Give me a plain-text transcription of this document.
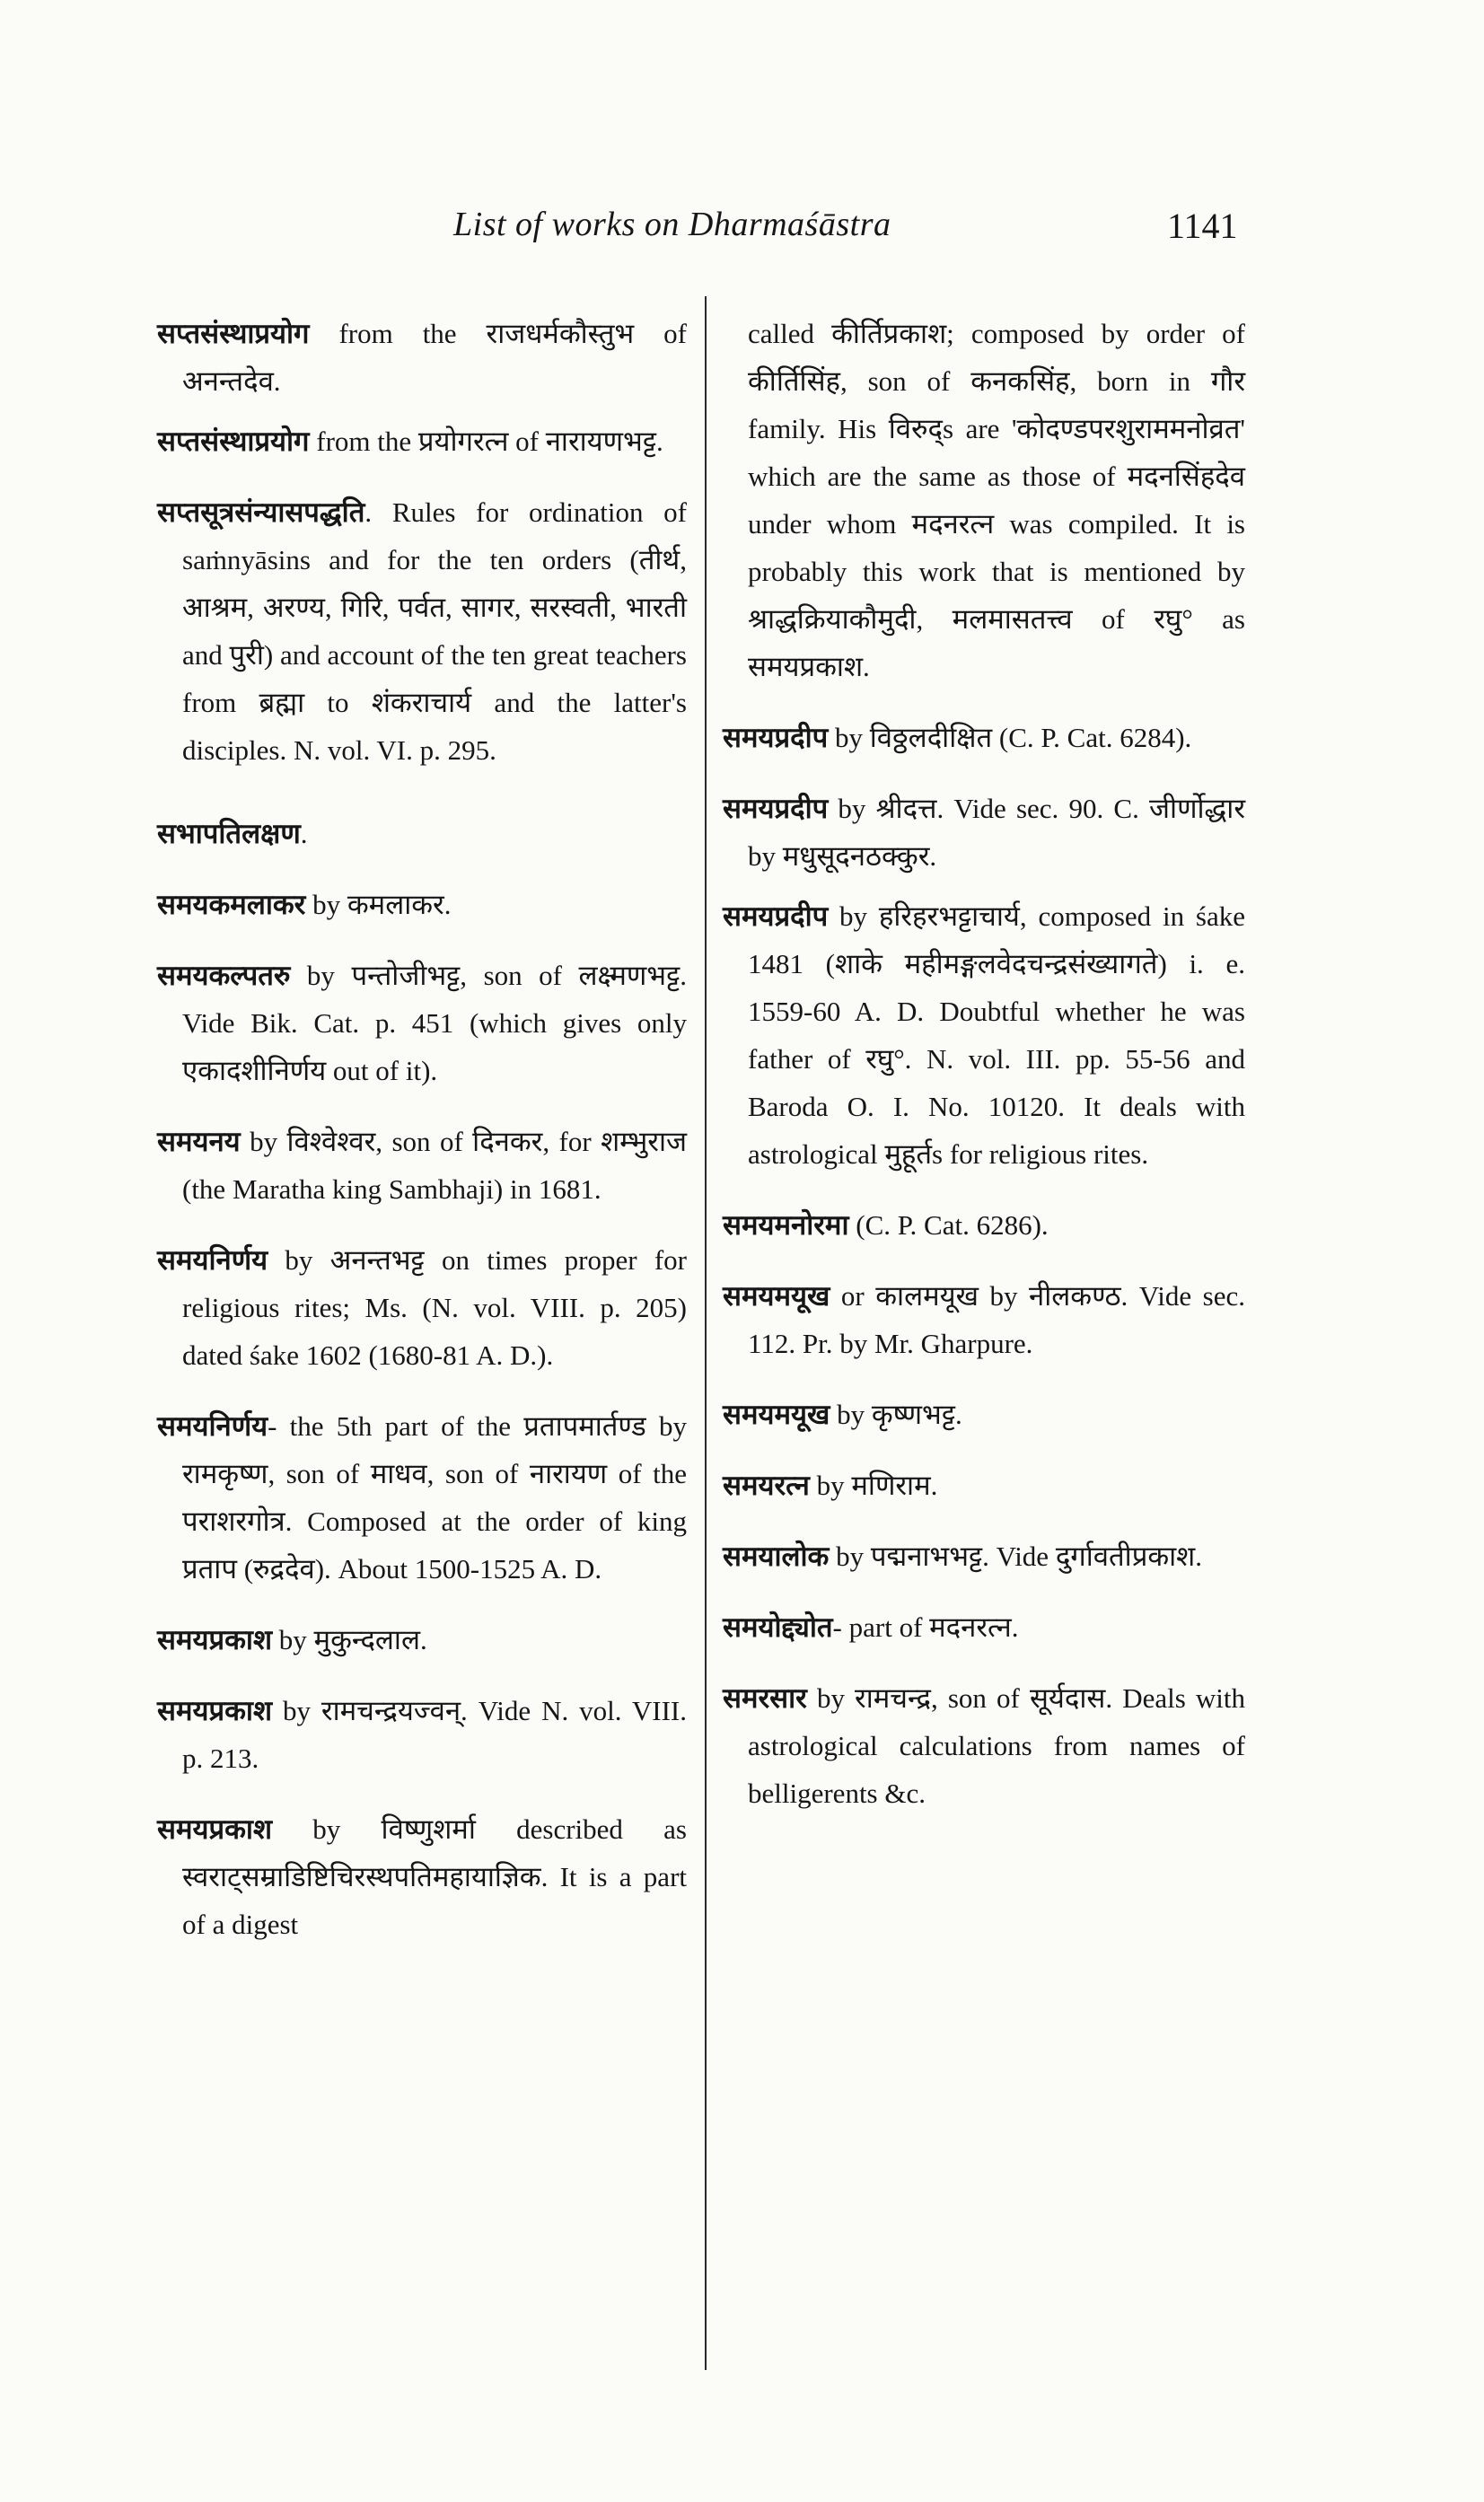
List of works on Dharmaśāstra	1141

सप्तसंस्थाप्रयोग from the राजधर्मकौस्तुभ of अनन्तदेव.

सप्तसंस्थाप्रयोग from the प्रयोगरत्न of नारायणभट्ट.

सप्तसूत्रसंन्यासपद्धति. Rules for ordination of saṁnyāsins and for the ten orders (तीर्थ, आश्रम, अरण्य, गिरि, पर्वत, सागर, सरस्वती, भारती and पुरी) and account of the ten great teachers from ब्रह्मा to शंकराचार्य and the latter's disciples. N. vol. VI. p. 295.

सभापतिलक्षण.

समयकमलाकर by कमलाकर.

समयकल्पतरु by पन्तोजीभट्ट, son of लक्ष्मणभट्ट. Vide Bik. Cat. p. 451 (which gives only एकादशीनिर्णय out of it).

समयनय by विश्वेश्वर, son of दिनकर, for शम्भुराज (the Maratha king Sambhaji) in 1681.

समयनिर्णय by अनन्तभट्ट on times proper for religious rites; Ms. (N. vol. VIII. p. 205) dated śake 1602 (1680-81 A. D.).

समयनिर्णय- the 5th part of the प्रतापमार्तण्ड by रामकृष्ण, son of माधव, son of नारायण of the पराशरगोत्र. Composed at the order of king प्रताप (रुद्रदेव). About 1500-1525 A. D.

समयप्रकाश by मुकुन्दलाल.

समयप्रकाश by रामचन्द्रयज्वन्. Vide N. vol. VIII. p. 213.

समयप्रकाश by विष्णुशर्मा described as स्वराट्सम्राडिष्टिचिरस्थपतिमहायाज्ञिक. It is a part of a digest

called कीर्तिप्रकाश; composed by order of कीर्तिसिंह, son of कनकसिंह, born in गौर family. His विरुद्s are 'कोदण्डपरशुराममनोव्रत' which are the same as those of मदनसिंहदेव under whom मदनरत्न was compiled. It is probably this work that is mentioned by श्राद्धक्रियाकौमुदी, मलमासतत्त्व of रघु° as समयप्रकाश.

समयप्रदीप by विठ्ठलदीक्षित (C. P. Cat. 6284).

समयप्रदीप by श्रीदत्त. Vide sec. 90. C. जीर्णोद्धार by मधुसूदनठक्कुर.

समयप्रदीप by हरिहरभट्टाचार्य, composed in śake 1481 (शाके महीमङ्गलवेदचन्द्रसंख्यागते) i. e. 1559-60 A. D. Doubtful whether he was father of रघु°. N. vol. III. pp. 55-56 and Baroda O. I. No. 10120. It deals with astrological मुहूर्तs for religious rites.

समयमनोरमा (C. P. Cat. 6286).

समयमयूख or कालमयूख by नीलकण्ठ. Vide sec. 112. Pr. by Mr. Gharpure.

समयमयूख by कृष्णभट्ट.

समयरत्न by मणिराम.

समयालोक by पद्मनाभभट्ट. Vide दुर्गावतीप्रकाश.

समयोद्द्योत- part of मदनरत्न.

समरसार by रामचन्द्र, son of सूर्यदास. Deals with astrological calculations from names of belligerents &c.
